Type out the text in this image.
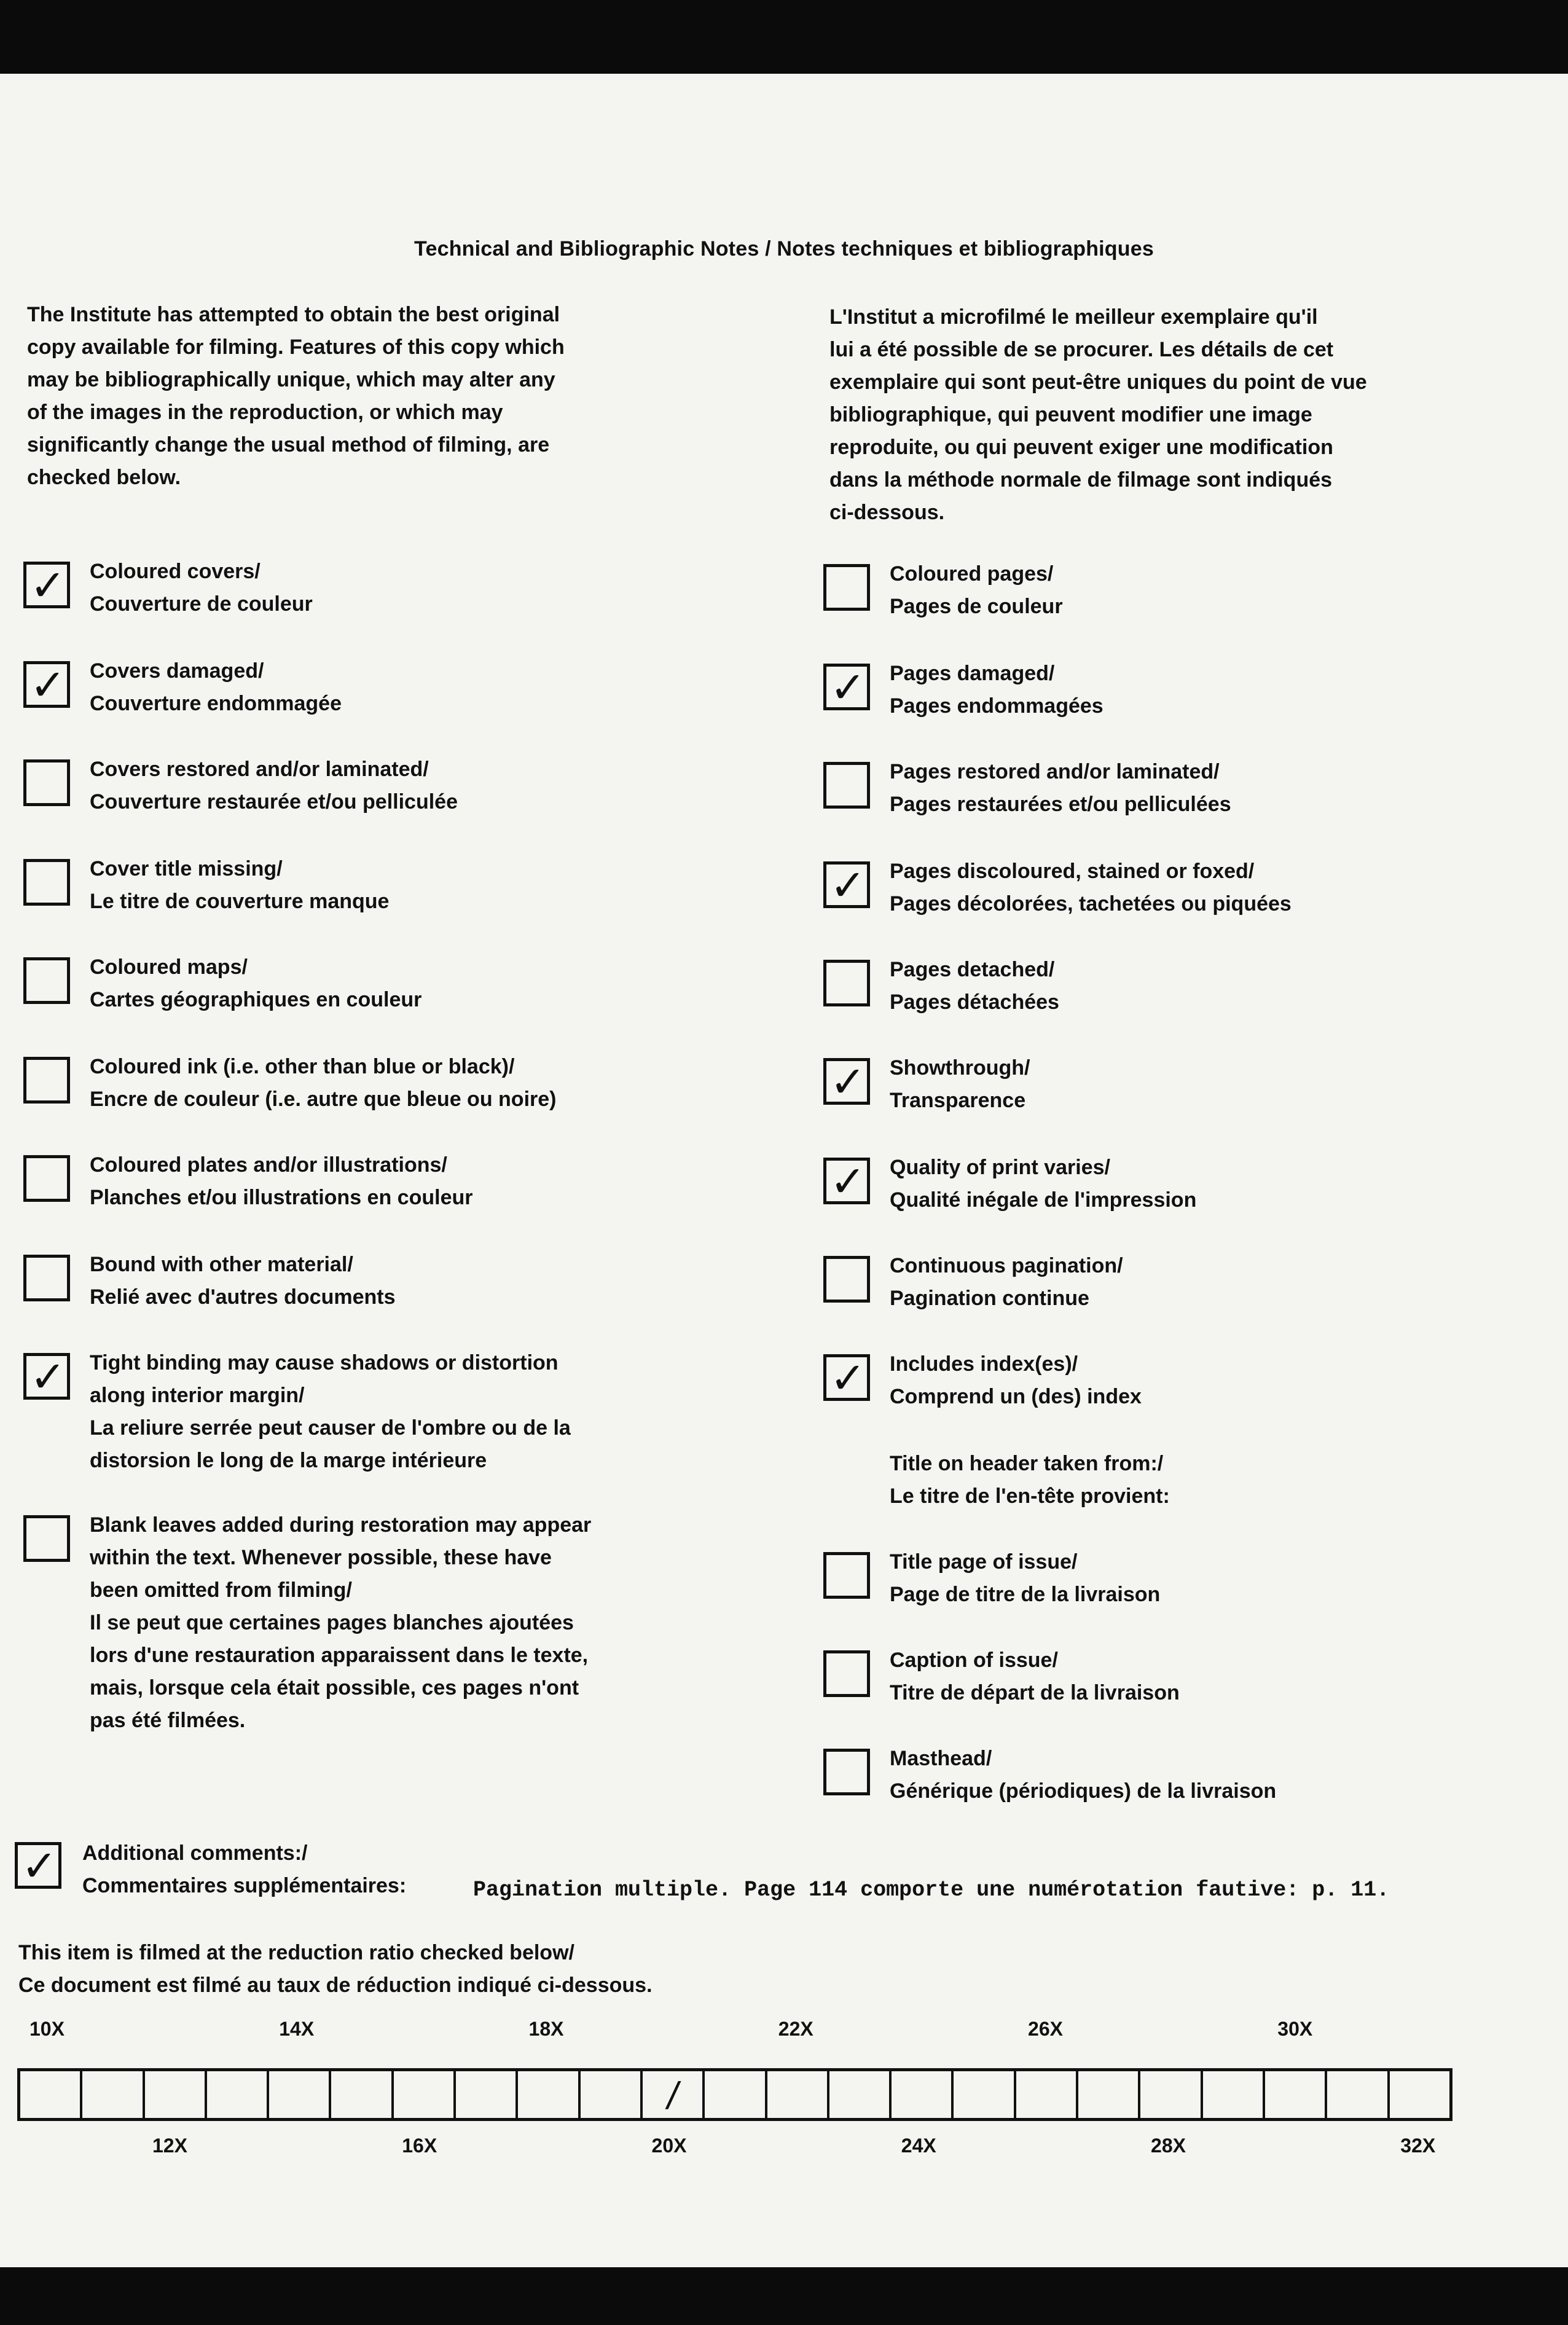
Technical and Bibliographic Notes / Notes techniques et bibliographiques
The Institute has attempted to obtain the best original
copy available for filming. Features of this copy which
may be bibliographically unique, which may alter any
of the images in the reproduction, or which may
significantly change the usual method of filming, are
checked below.
L'Institut a microfilmé le meilleur exemplaire qu'il
lui a été possible de se procurer. Les détails de cet
exemplaire qui sont peut-être uniques du point de vue
bibliographique, qui peuvent modifier une image
reproduite, ou qui peuvent exiger une modification
dans la méthode normale de filmage sont indiqués
ci-dessous.
✓ Coloured covers/
Couverture de couleur
✓ Covers damaged/
Couverture endommagée
Covers restored and/or laminated/
Couverture restaurée et/ou pelliculée
Cover title missing/
Le titre de couverture manque
Coloured maps/
Cartes géographiques en couleur
Coloured ink (i.e. other than blue or black)/
Encre de couleur (i.e. autre que bleue ou noire)
Coloured plates and/or illustrations/
Planches et/ou illustrations en couleur
Bound with other material/
Relié avec d'autres documents
✓ Tight binding may cause shadows or distortion
along interior margin/
La reliure serrée peut causer de l'ombre ou de la
distorsion le long de la marge intérieure
Blank leaves added during restoration may appear
within the text. Whenever possible, these have
been omitted from filming/
Il se peut que certaines pages blanches ajoutées
lors d'une restauration apparaissent dans le texte,
mais, lorsque cela était possible, ces pages n'ont
pas été filmées.
Coloured pages/
Pages de couleur
✓ Pages damaged/
Pages endommagées
Pages restored and/or laminated/
Pages restaurées et/ou pelliculées
✓ Pages discoloured, stained or foxed/
Pages décolorées, tachetées ou piquées
Pages detached/
Pages détachées
✓ Showthrough/
Transparence
✓ Quality of print varies/
Qualité inégale de l'impression
Continuous pagination/
Pagination continue
✓ Includes index(es)/
Comprend un (des) index
Title on header taken from:/
Le titre de l'en-tête provient:
Title page of issue/
Page de titre de la livraison
Caption of issue/
Titre de départ de la livraison
Masthead/
Générique (périodiques) de la livraison
✓ Additional comments:/
Commentaires supplémentaires:	Pagination multiple. Page 114 comporte une numérotation fautive: p. 11.
This item is filmed at the reduction ratio checked below/
Ce document est filmé au taux de réduction indiqué ci-dessous.
10X	14X	18X	22X	26X	30X
/
12X	16X	20X	24X	28X	32X
